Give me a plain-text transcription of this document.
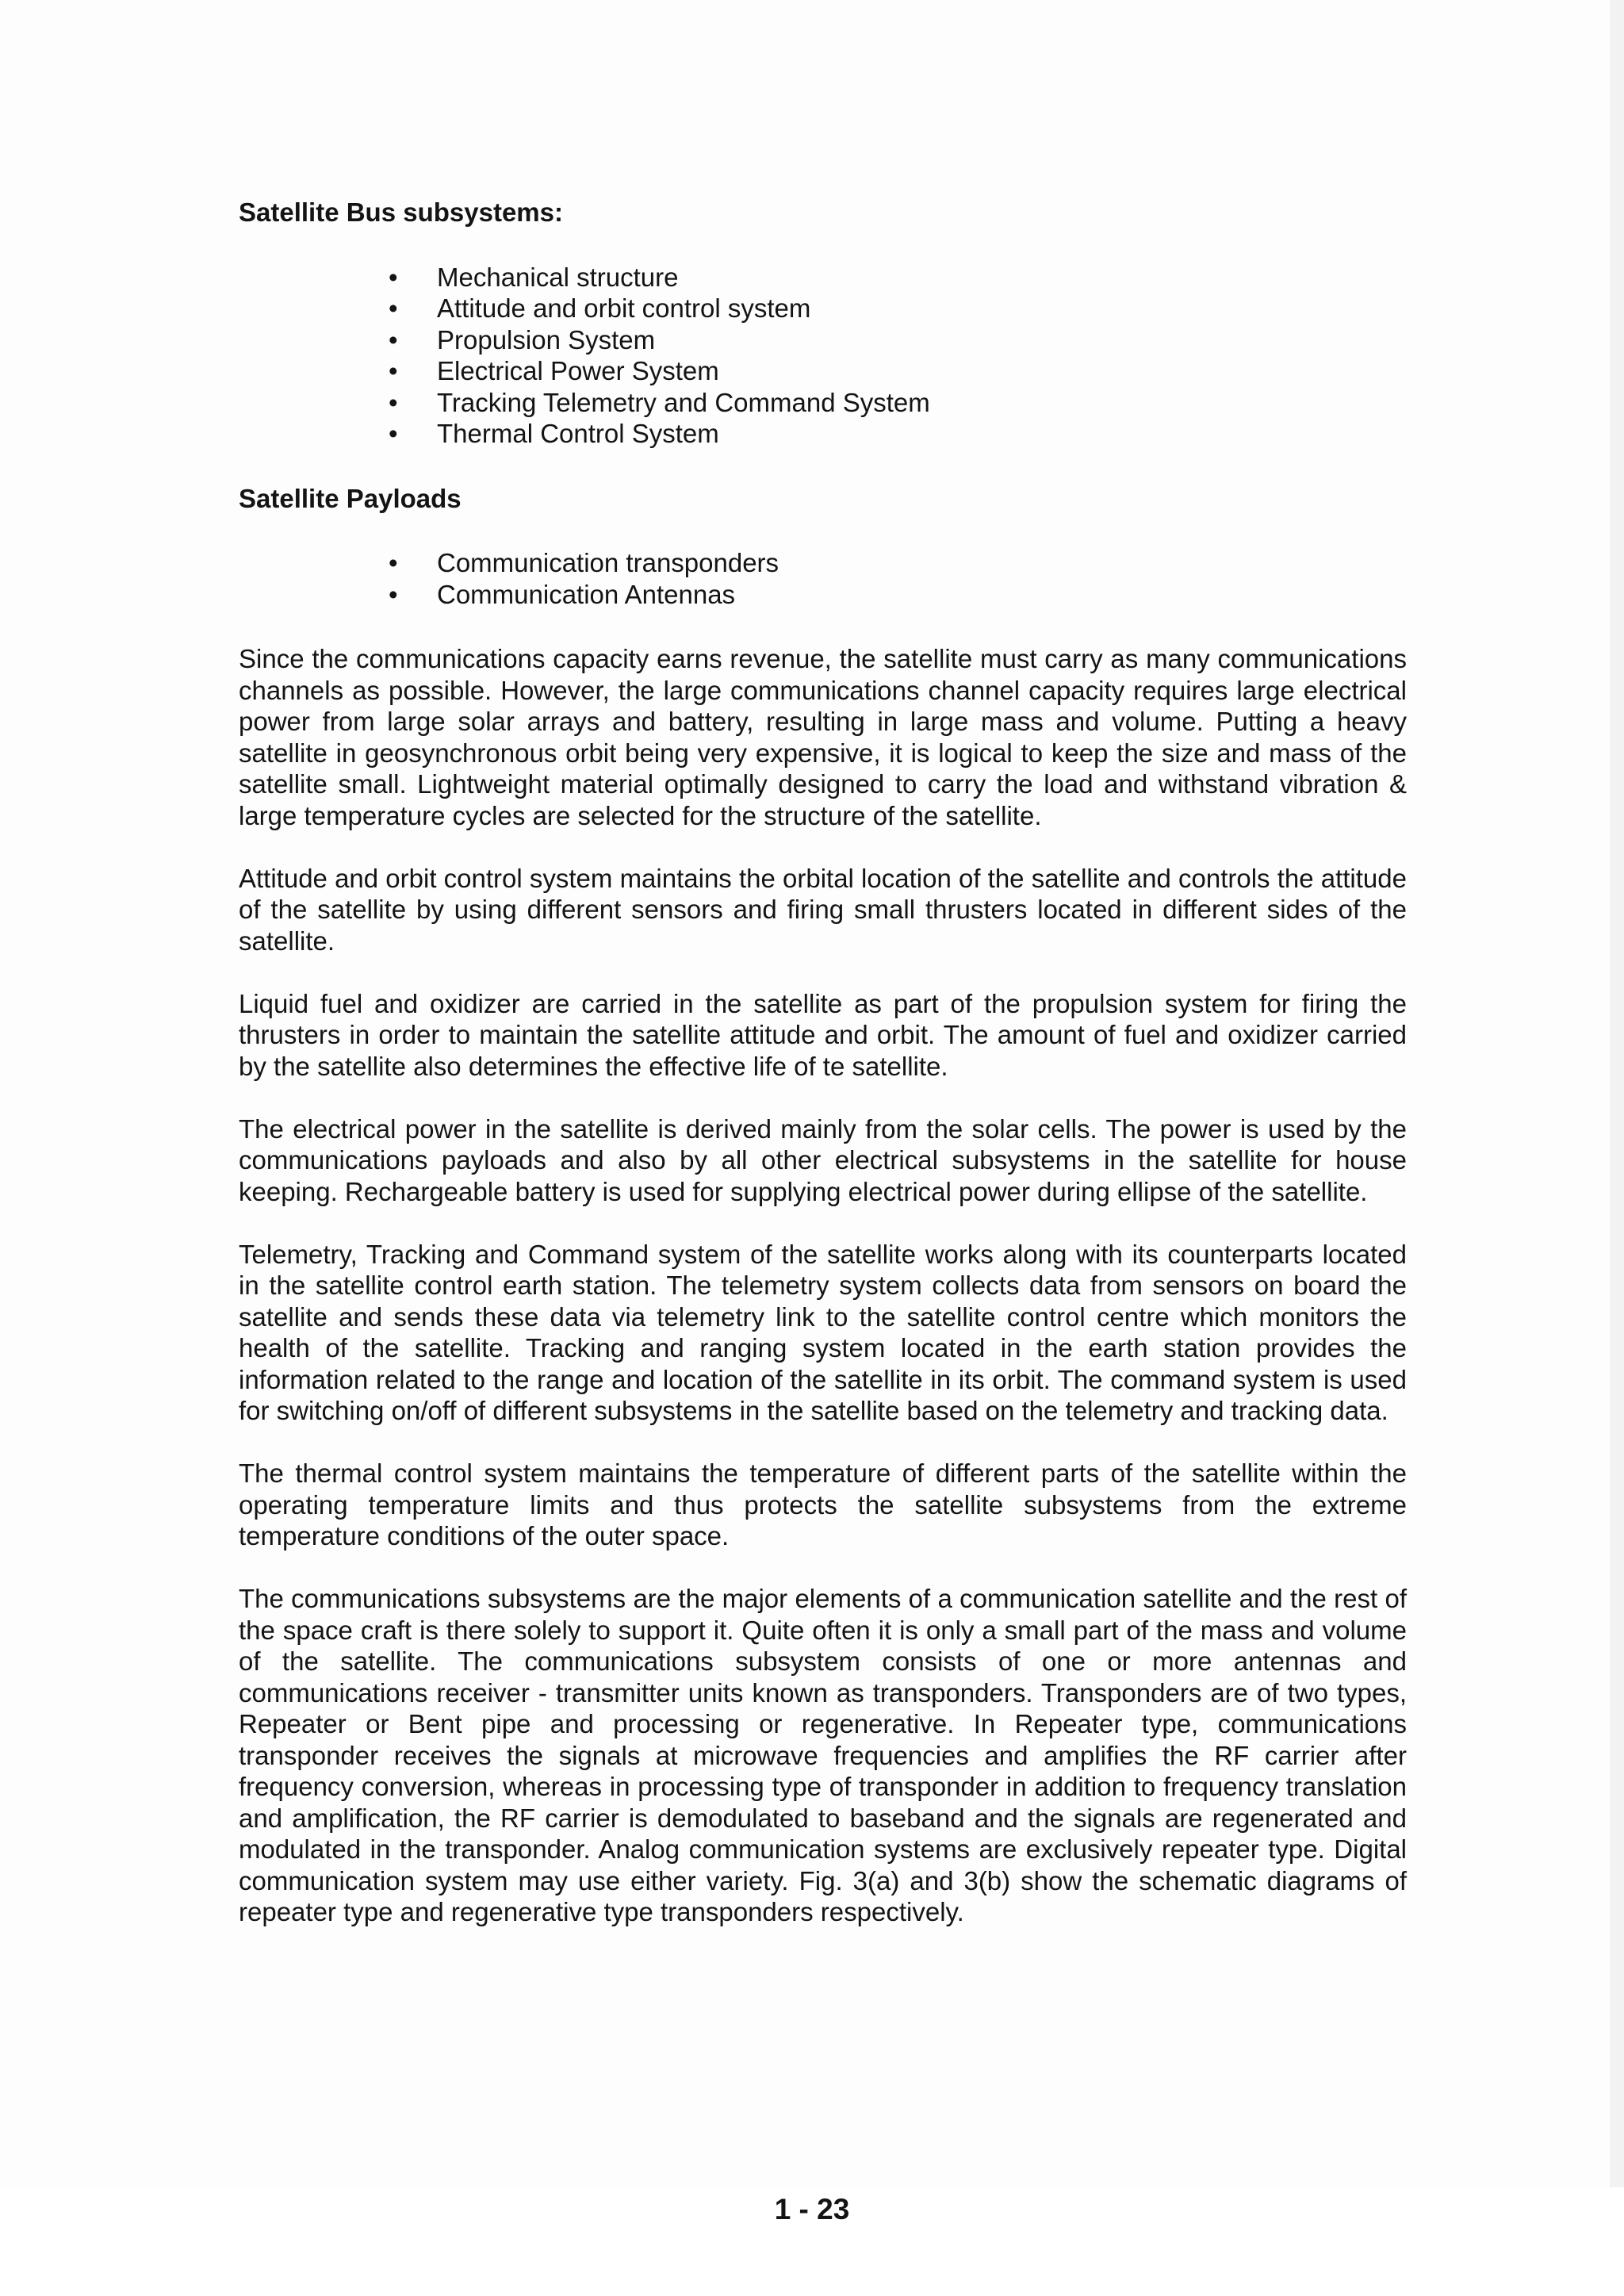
Satellite Bus subsystems:
• Mechanical structure
• Attitude and orbit control system
• Propulsion System
• Electrical Power System
• Tracking Telemetry and Command System
• Thermal Control System
Satellite Payloads
• Communication transponders
• Communication Antennas

Since the communications capacity earns revenue, the satellite must carry as many communications channels as possible. However, the large communications channel capacity requires large electrical power from large solar arrays and battery, resulting in large mass and volume. Putting a heavy satellite in geosynchronous orbit being very expensive, it is logical to keep the size and mass of the satellite small. Lightweight material optimally designed to carry the load and withstand vibration & large temperature cycles are selected for the structure of the satellite.

Attitude and orbit control system maintains the orbital location of the satellite and controls the attitude of the satellite by using different sensors and firing small thrusters located in different sides of the satellite.

Liquid fuel and oxidizer are carried in the satellite as part of the propulsion system for firing the thrusters in order to maintain the satellite attitude and orbit. The amount of fuel and oxidizer carried by the satellite also determines the effective life of te satellite.

The electrical power in the satellite is derived mainly from the solar cells. The power is used by the communications payloads and also by all other electrical subsystems in the satellite for house keeping. Rechargeable battery is used for supplying electrical power during ellipse of the satellite.

Telemetry, Tracking and Command system of the satellite works along with its counterparts located in the satellite control earth station. The telemetry system collects data from sensors on board the satellite and sends these data via telemetry link to the satellite control centre which monitors the health of the satellite. Tracking and ranging system located in the earth station provides the information related to the range and location of the satellite in its orbit. The command system is used for switching on/off of different subsystems in the satellite based on the telemetry and tracking data.

The thermal control system maintains the temperature of different parts of the satellite within the operating temperature limits and thus protects the satellite subsystems from the extreme temperature conditions of the outer space.

The communications subsystems are the major elements of a communication satellite and the rest of the space craft is there solely to support it. Quite often it is only a small part of the mass and volume of the satellite. The communications subsystem consists of one or more antennas and communications receiver - transmitter units known as transponders. Transponders are of two types, Repeater or Bent pipe and processing or regenerative. In Repeater type, communications transponder receives the signals at microwave frequencies and amplifies the RF carrier after frequency conversion, whereas in processing type of transponder in addition to frequency translation and amplification, the RF carrier is demodulated to baseband and the signals are regenerated and modulated in the transponder. Analog communication systems are exclusively repeater type. Digital communication system may use either variety. Fig. 3(a) and 3(b) show the schematic diagrams of repeater type and regenerative type transponders respectively.

1 - 23
